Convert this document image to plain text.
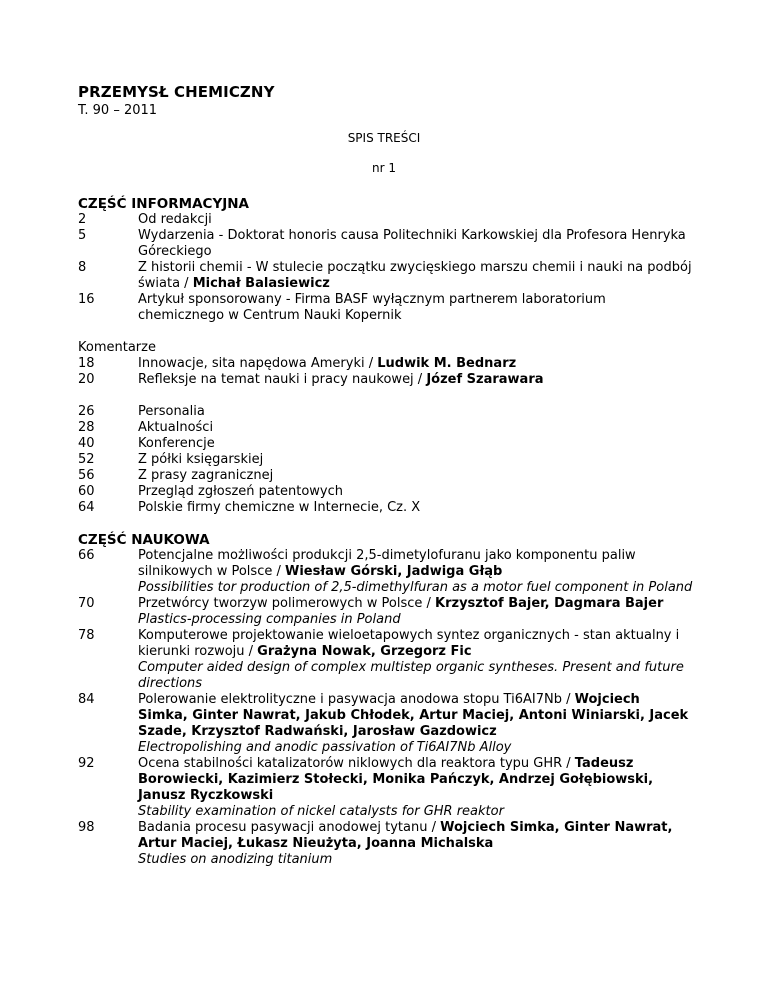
PRZEMYSŁ CHEMICZNY
T. 90 – 2011
SPIS TREŚCI
nr 1
CZĘŚĆ INFORMACYJNA
2	Od redakcji
5	Wydarzenia - Doktorat honoris causa Politechniki Karkowskiej dla Profesora Henryka Góreckiego
8	Z historii chemii - W stulecie początku zwycięskiego marszu chemii i nauki na podbój świata / Michał Balasiewicz
16	Artykuł sponsorowany - Firma BASF wyłącznym partnerem laboratorium chemicznego w Centrum Nauki Kopernik
Komentarze
18	Innowacje, sita napędowa Ameryki / Ludwik M. Bednarz
20	Refleksje na temat nauki i pracy naukowej / Józef Szarawara
26	Personalia
28	Aktualności
40	Konferencje
52	Z półki księgarskiej
56	Z prasy zagranicznej
60	Przegląd zgłoszeń patentowych
64	Polskie firmy chemiczne w Internecie, Cz. X
CZĘŚĆ NAUKOWA
66	Potencjalne możliwości produkcji 2,5-dimetylofuranu jako komponentu paliw silnikowych w Polsce / Wiesław Górski, Jadwiga Głąb
Possibilities tor production of 2,5-dimethylfuran as a motor fuel component in Poland
70	Przetwórcy tworzyw polimerowych w Polsce / Krzysztof Bajer, Dagmara Bajer
Plastics-processing companies in Poland
78	Komputerowe projektowanie wieloetapowych syntez organicznych - stan aktualny i kierunki rozwoju / Grażyna Nowak, Grzegorz Fic
Computer aided design of complex multistep organic syntheses. Present and future directions
84	Polerowanie elektrolityczne i pasywacja anodowa stopu Ti6AI7Nb / Wojciech Simka, Ginter Nawrat, Jakub Chłodek, Artur Maciej, Antoni Winiarski, Jacek Szade, Krzysztof Radwański, Jarosław Gazdowicz
Electropolishing and anodic passivation of Ti6AI7Nb Alloy
92	Ocena stabilności katalizatorów niklowych dla reaktora typu GHR / Tadeusz Borowiecki, Kazimierz Stołecki, Monika Pańczyk, Andrzej Gołębiowski, Janusz Ryczkowski
Stability examination of nickel catalysts for GHR reaktor
98	Badania procesu pasywacji anodowej tytanu / Wojciech Simka, Ginter Nawrat, Artur Maciej, Łukasz Nieużyta, Joanna Michalska
Studies on anodizing titanium
